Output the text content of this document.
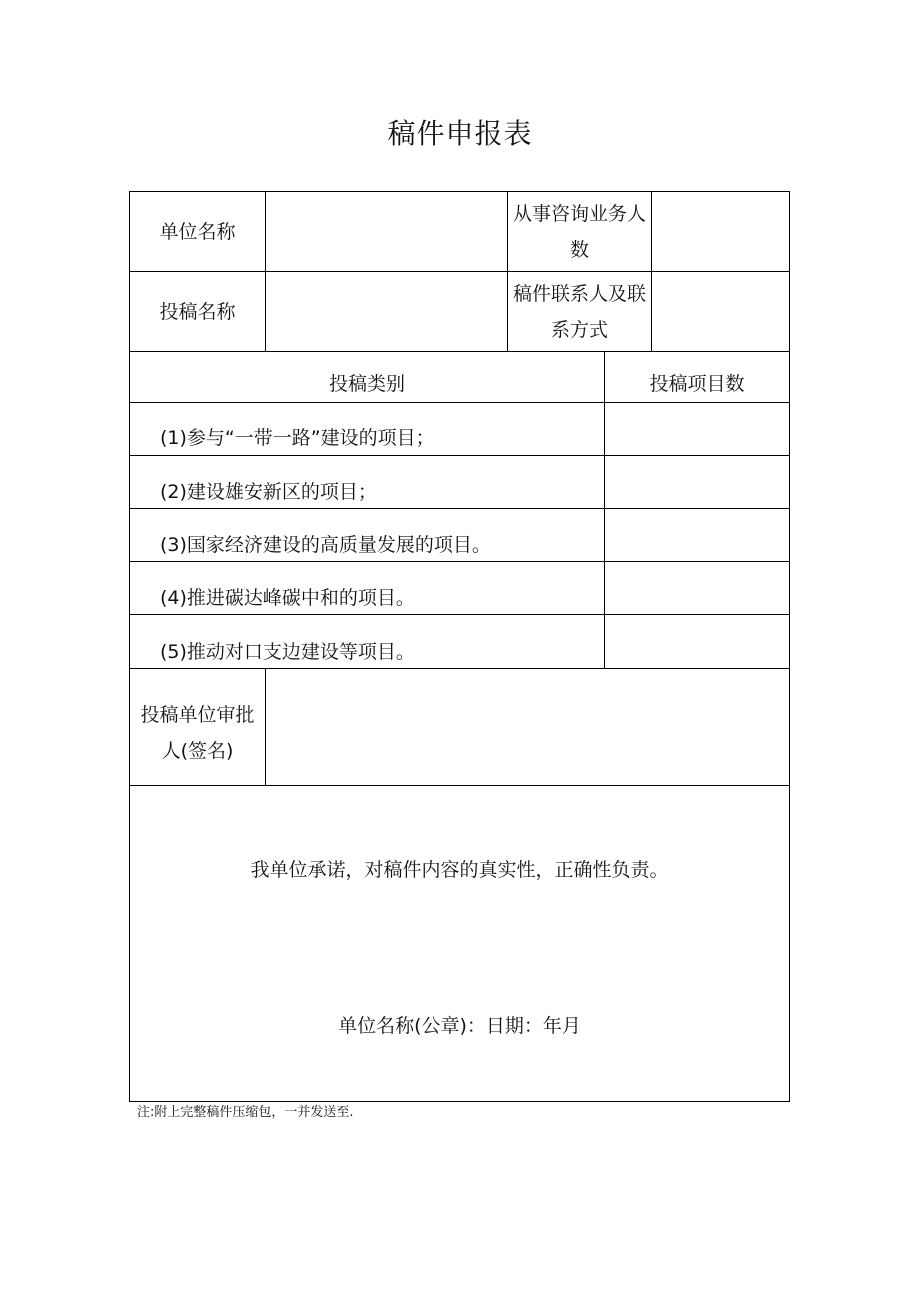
稿件申报表
单位名称
从事咨询业务人
数
投稿名称
稿件联系人及联
系方式
投稿类别	投稿项目数
(1)参与“一带一路”建设的项目；
(2)建设雄安新区的项目；
(3)国家经济建设的高质量发展的项目。
(4)推进碳达峰碳中和的项目。
(5)推动对口支边建设等项目。
投稿单位审批
人(签名)
我单位承诺，对稿件内容的真实性，正确性负责。
单位名称(公章)：日期：年月
注:附上完整稿件压缩包，一并发送至.
